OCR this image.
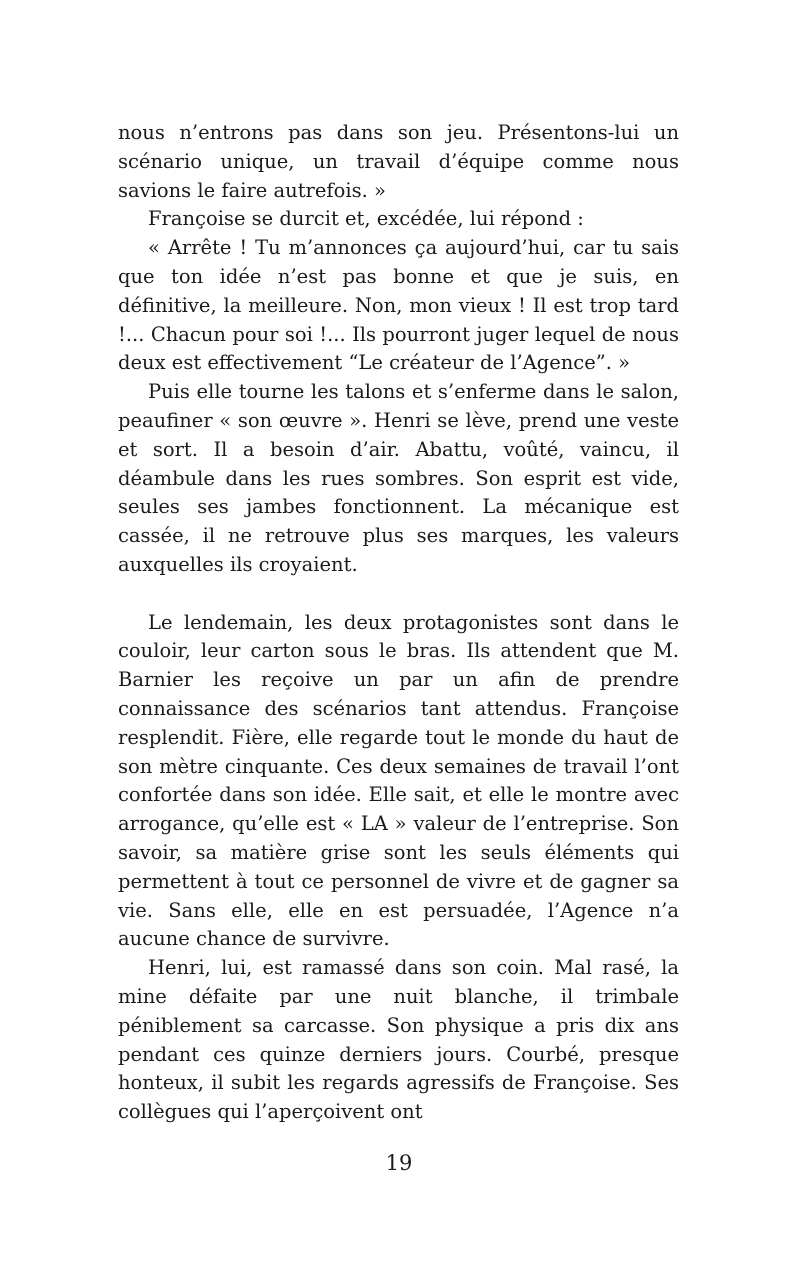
nous n’entrons pas dans son jeu. Présentons-lui un scénario unique, un travail d’équipe comme nous savions le faire autrefois. »

Françoise se durcit et, excédée, lui répond :

« Arrête ! Tu m’annonces ça aujourd’hui, car tu sais que ton idée n’est pas bonne et que je suis, en définitive, la meilleure. Non, mon vieux ! Il est trop tard !... Chacun pour soi !... Ils pourront juger lequel de nous deux est effectivement “Le créateur de l’Agence”. »

Puis elle tourne les talons et s’enferme dans le salon, peaufiner « son œuvre ». Henri se lève, prend une veste et sort. Il a besoin d’air. Abattu, voûté, vaincu, il déambule dans les rues sombres. Son esprit est vide, seules ses jambes fonctionnent. La mécanique est cassée, il ne retrouve plus ses marques, les valeurs auxquelles ils croyaient.

Le lendemain, les deux protagonistes sont dans le couloir, leur carton sous le bras. Ils attendent que M. Barnier les reçoive un par un afin de prendre connaissance des scénarios tant attendus. Françoise resplendit. Fière, elle regarde tout le monde du haut de son mètre cinquante. Ces deux semaines de travail l’ont confortée dans son idée. Elle sait, et elle le montre avec arrogance, qu’elle est « LA » valeur de l’entreprise. Son savoir, sa matière grise sont les seuls éléments qui permettent à tout ce personnel de vivre et de gagner sa vie. Sans elle, elle en est persuadée, l’Agence n’a aucune chance de survivre.

Henri, lui, est ramassé dans son coin. Mal rasé, la mine défaite par une nuit blanche, il trimbale péniblement sa carcasse. Son physique a pris dix ans pendant ces quinze derniers jours. Courbé, presque honteux, il subit les regards agressifs de Françoise. Ses collègues qui l’aperçoivent ont

19
